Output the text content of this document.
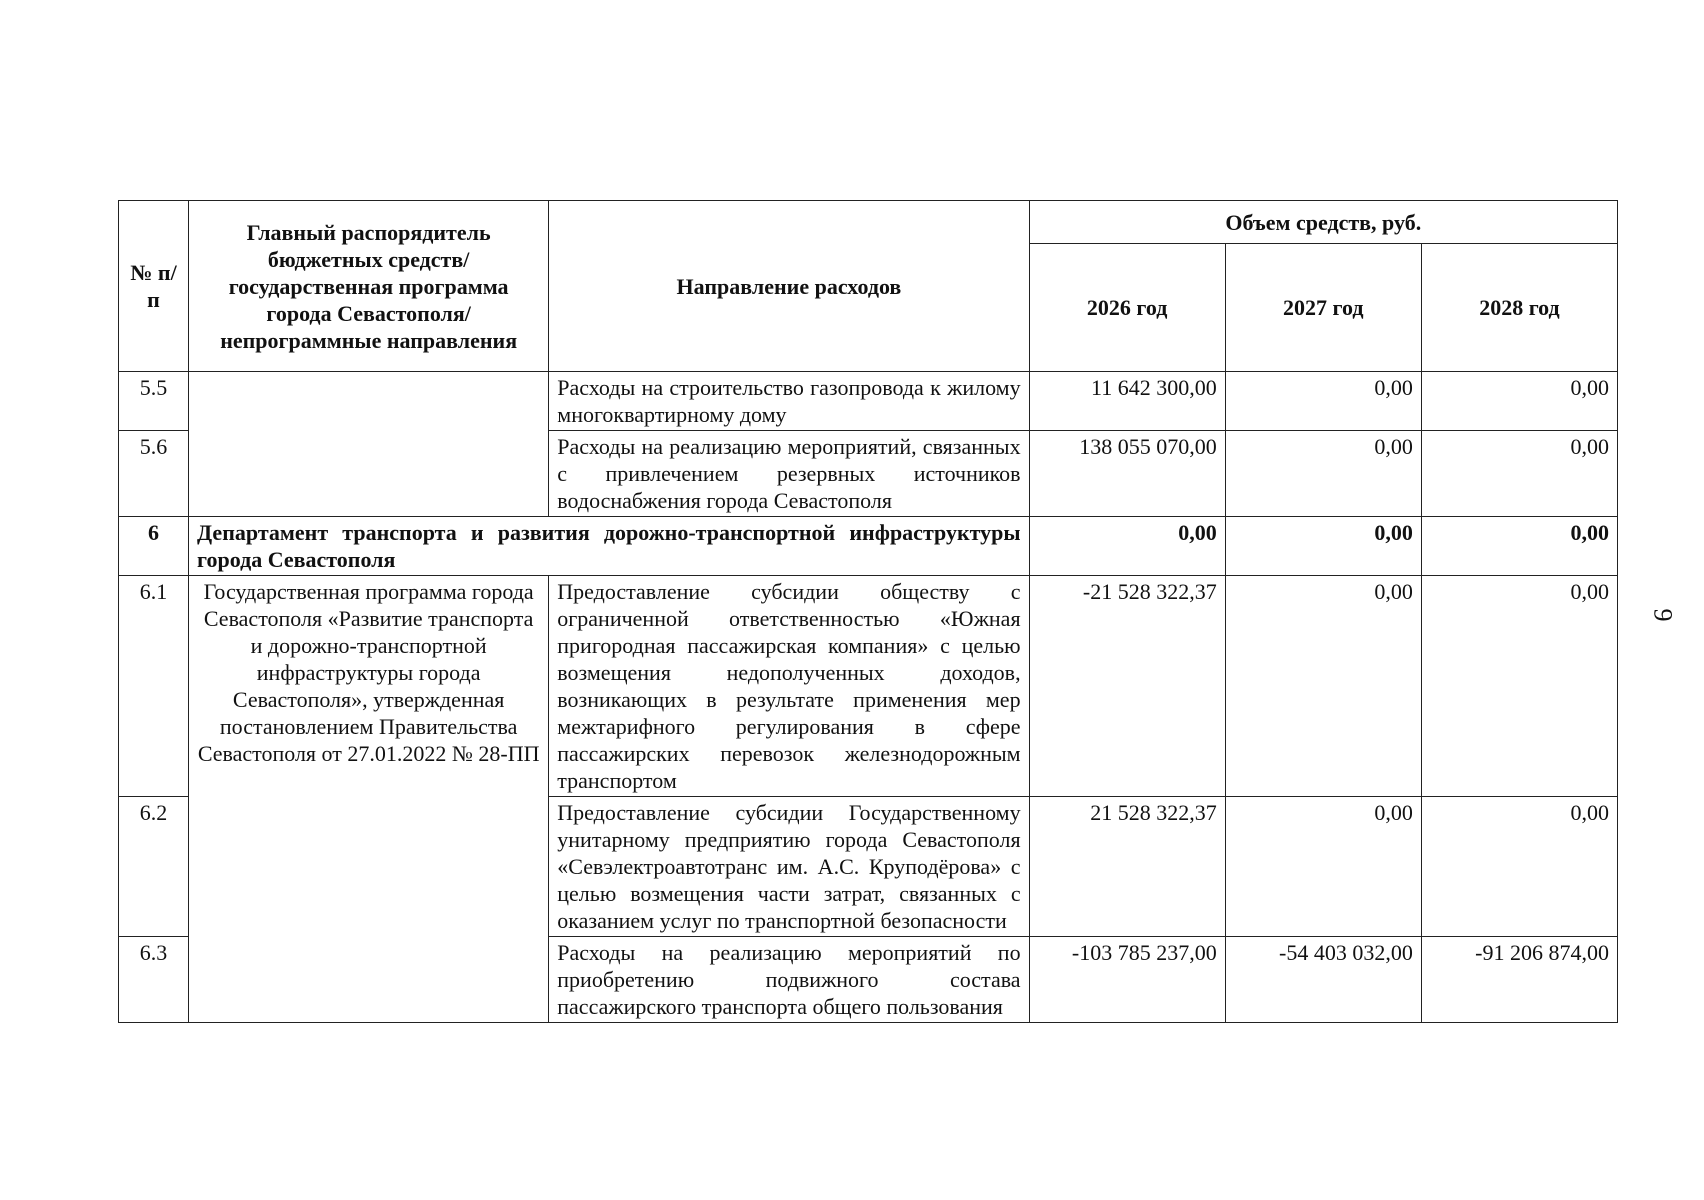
9
№ п/п	Главный распорядитель бюджетных средств/государственная программа города Севастополя/непрограммные направления	Направление расходов	Объем средств, руб.		
			2026 год	2027 год	2028 год
5.5		Расходы на строительство газопровода к жилому многоквартирному дому	11 642 300,00	0,00	0,00
5.6		Расходы на реализацию мероприятий, связанных с привлечением резервных источников водоснабжения города Севастополя	138 055 070,00	0,00	0,00
6	Департамент транспорта и развития дорожно-транспортной инфраструктуры города Севастополя		0,00	0,00	0,00
6.1	Государственная программа города Севастополя «Развитие транспорта и дорожно-транспортной инфраструктуры города Севастополя», утвержденная постановлением Правительства Севастополя от 27.01.2022 № 28-ПП	Предоставление субсидии обществу с ограниченной ответственностью «Южная пригородная пассажирская компания» с целью возмещения недополученных доходов, возникающих в результате применения мер межтарифного регулирования в сфере пассажирских перевозок железнодорожным транспортом	-21 528 322,37	0,00	0,00
6.2		Предоставление субсидии Государственному унитарному предприятию города Севастополя «Севэлектроавтотранс им. А.С. Круподёрова» с целью возмещения части затрат, связанных с оказанием услуг по транспортной безопасности	21 528 322,37	0,00	0,00
6.3		Расходы на реализацию мероприятий по приобретению подвижного состава пассажирского транспорта общего пользования	-103 785 237,00	-54 403 032,00	-91 206 874,00
